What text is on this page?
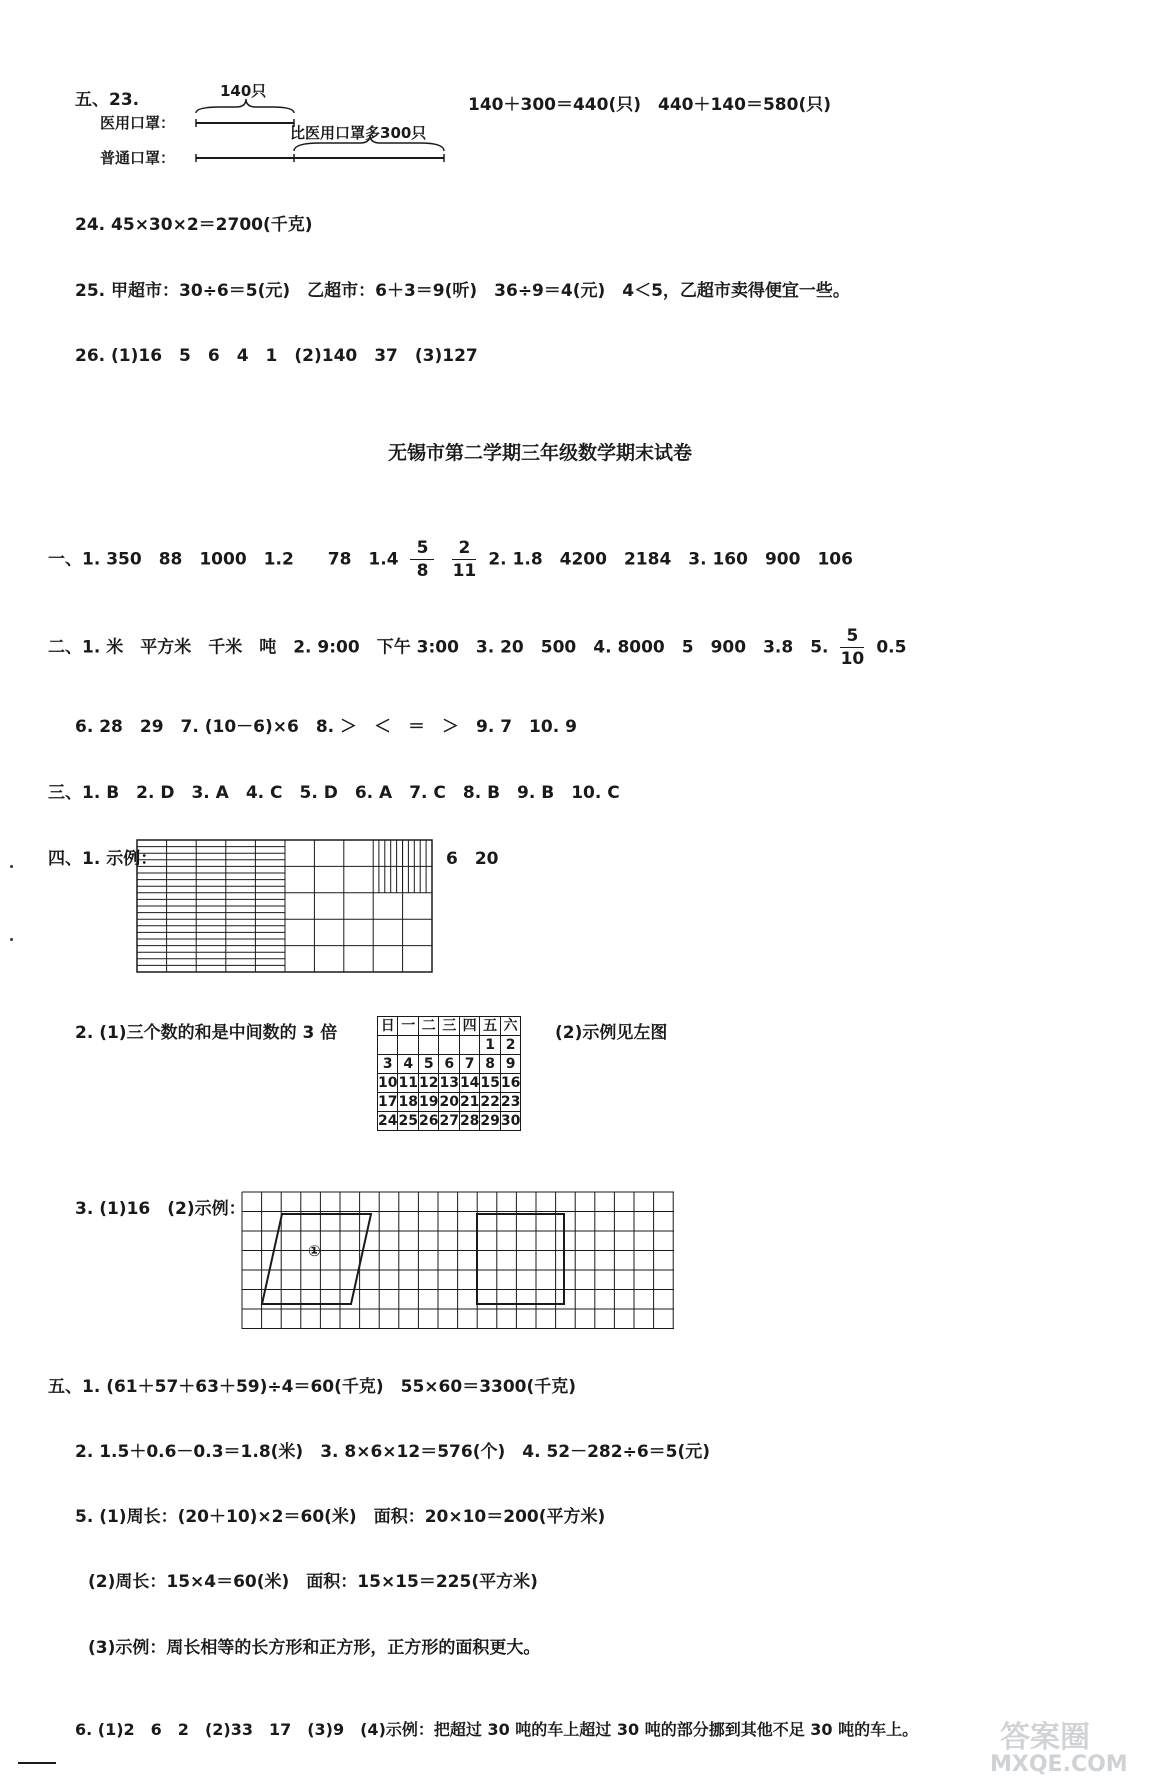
五、23.	140只
医用口罩：
普通口罩：
比医用口罩多300只
140＋300＝440(只)　440＋140＝580(只)
24. 45×30×2＝2700(千克)
25. 甲超市：30÷6＝5(元)　乙超市：6＋3＝9(听)　36÷9＝4(元)　4＜5，乙超市卖得便宜一些。
26. (1)16　5　6　4　1　(2)140　37　(3)127
无锡市第二学期三年级数学期末试卷
一、1. 350　88　1000　1.2　　78　$1.4 \frac{5}{8}$
$\frac{2}{11} 2$. 1.8　4200　2184　3. 160　900　106
二、1. 米　平方米　千米　吨　2. 9:00　下午 3:00　3. 20　500　4. 8000　5　900　3.8　5. $\frac{5}{10} 0.5$
6. 28　29　7. (10－6)×6　8. ＞　＜　＝　＞　9. 7　10. 9
三、1. B　2. D　3. A　4. C　5. D　6. A　7. C　8. B　9. B　10. C
四、1. 示例：	6　20
2. (1)三个数的和是中间数的 3 倍	日	一	二	三	四	五	六
					1	2
3	4	5	6	7	8	9
10	11	12	13	14	15	16
17	18	19	20	21	22	23
24	25	26	27	28	29	30
(2)示例见左图
3. (1)16　(2)示例：
①
五、1. (61＋57＋63＋59)÷4＝60(千克)　55×60＝3300(千克)
2. 1.5＋0.6－0.3＝1.8(米)　3. 8×6×12＝576(个)　4. 52－282÷6＝5(元)
5. (1)周长：(20＋10)×2＝60(米)　面积：20×10＝200(平方米)
(2)周长：15×4＝60(米)　面积：15×15＝225(平方米)
(3)示例：周长相等的长方形和正方形，正方形的面积更大。
6. (1)2　6　2　(2)33　17　(3)9　(4)示例：把超过 30 吨的车上超过 30 吨的部分挪到其他不足 30 吨的车上。	答案圈
MXQE.COM
